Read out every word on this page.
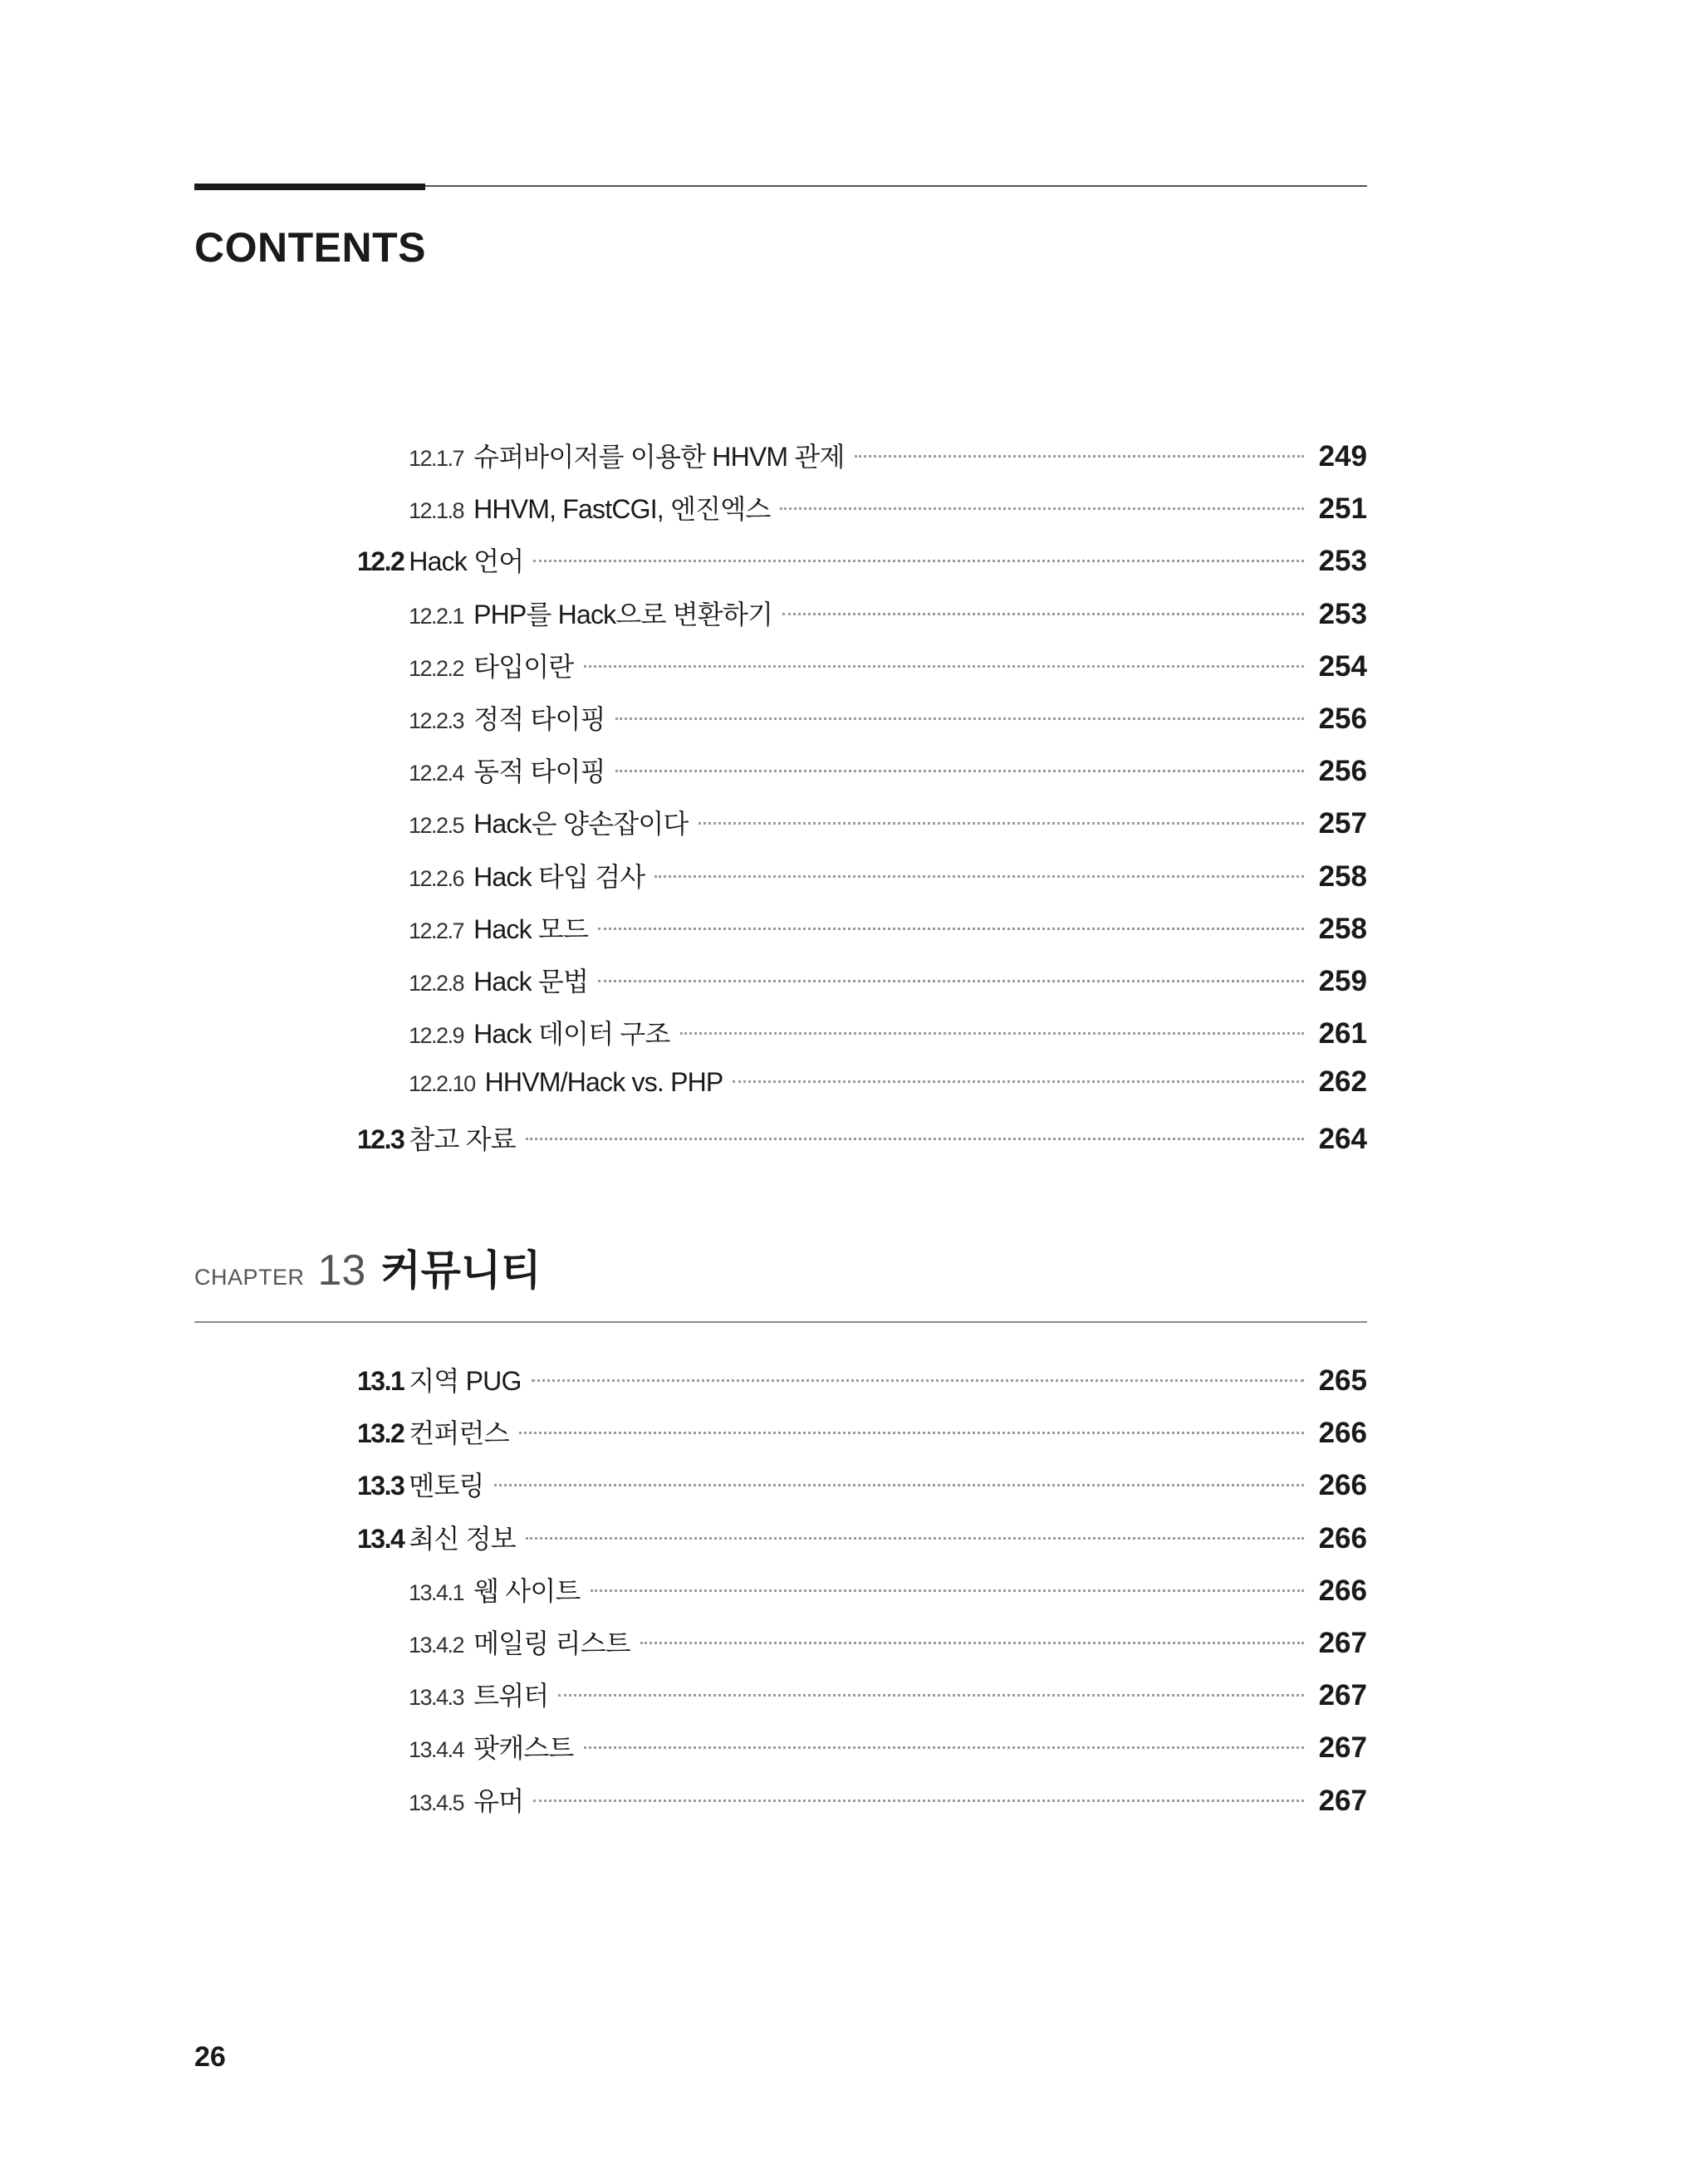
CONTENTS
12.1.7 슈퍼바이저를 이용한 HHVM 관제	249
12.1.8 HHVM, FastCGI, 엔진엑스	251
12.2 Hack 언어	253
12.2.1 PHP를 Hack으로 변환하기	253
12.2.2 타입이란	254
12.2.3 정적 타이핑	256
12.2.4 동적 타이핑	256
12.2.5 Hack은 양손잡이다	257
12.2.6 Hack 타입 검사	258
12.2.7 Hack 모드	258
12.2.8 Hack 문법	259
12.2.9 Hack 데이터 구조	261
12.2.10 HHVM/Hack vs. PHP	262
12.3 참고 자료	264
CHAPTER 13 커뮤니티
13.1 지역 PUG	265
13.2 컨퍼런스	266
13.3 멘토링	266
13.4 최신 정보	266
13.4.1 웹 사이트	266
13.4.2 메일링 리스트	267
13.4.3 트위터	267
13.4.4 팟캐스트	267
13.4.5 유머	267
26
